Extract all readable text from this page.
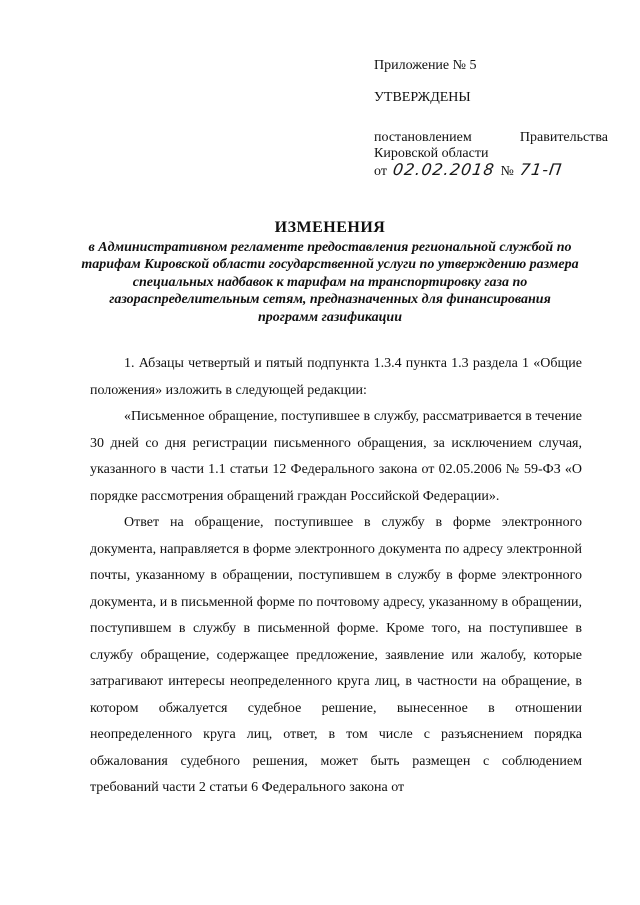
Приложение № 5
УТВЕРЖДЕНЫ
постановлением	Правительства
Кировской области
от 02.02.2018 № 71-П
ИЗМЕНЕНИЯ
в Административном регламенте предоставления региональной службой по тарифам Кировской области государственной услуги по утверждению размера специальных надбавок к тарифам на транспортировку газа по газораспределительным сетям, предназначенных для финансирования программ газификации

1. Абзацы четвертый и пятый подпункта 1.3.4 пункта 1.3 раздела 1 «Общие положения» изложить в следующей редакции:

«Письменное обращение, поступившее в службу, рассматривается в течение 30 дней со дня регистрации письменного обращения, за исключением случая, указанного в части 1.1 статьи 12 Федерального закона от 02.05.2006 № 59-ФЗ «О порядке рассмотрения обращений граждан Российской Федерации».

Ответ на обращение, поступившее в службу в форме электронного документа, направляется в форме электронного документа по адресу электронной почты, указанному в обращении, поступившем в службу в форме электронного документа, и в письменной форме по почтовому адресу, указанному в обращении, поступившем в службу в письменной форме. Кроме того, на поступившее в службу обращение, содержащее предложение, заявление или жалобу, которые затрагивают интересы неопределенного круга лиц, в частности на обращение, в котором обжалуется судебное решение, вынесенное в отношении неопределенного круга лиц, ответ, в том числе с разъяснением порядка обжалования судебного решения, может быть размещен с соблюдением требований части 2 статьи 6 Федерального закона от
